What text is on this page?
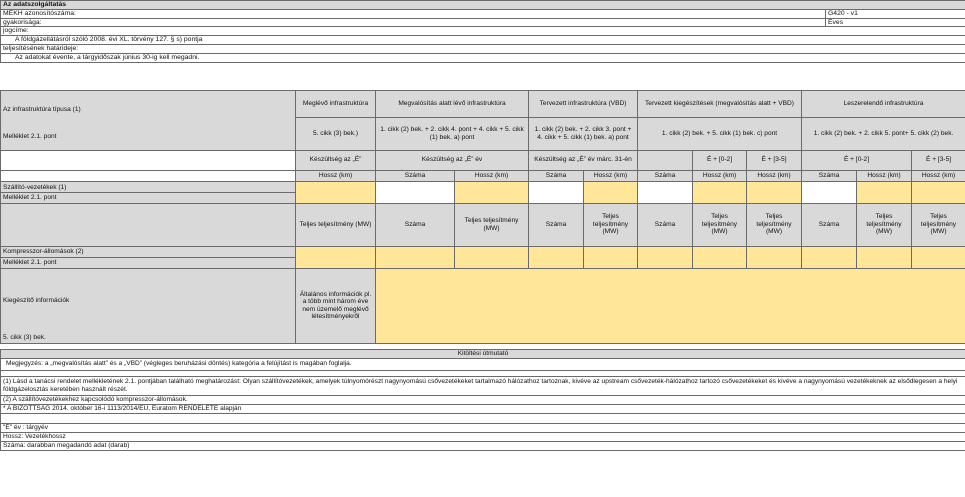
Az adatszolgáltatás	
MEKH azonosítószáma:	G420 - v1
gyakorisága:	Éves
jogcíme:	
A földgázellátásról szóló 2008. évi XL. törvény 127. § s) pontja	
teljesítésének határideje:	
Az adatokat évente, a tárgyidőszak június 30-ig kell megadni.	
Az infrastruktúra típusa (1)
Melléklet 2.1. pont	Meglévő infrastruktúra	Megvalósítás alatt lévő infrastruktúra		Tervezett infrastruktúra (VBD)		Tervezett kiegészítések (megvalósítás alatt + VBD)			Leszerelendő infrastruktúra		
	5. cikk (3) bek.)	1. cikk (2) bek. + 2. cikk 4. pont + 4. cikk + 5. cikk (1) bek. a) pont		1. cikk (2) bek. + 2. cikk 3. pont + 4. cikk + 5. cikk (1) bek. a) pont		1. cikk (2) bek. + 5. cikk (1) bek. c) pont			1. cikk (2) bek. + 2. cikk 5. pont+ 5. cikk (2) bek.		
	Készültség az „É”	Készültség az „É” év		Készültség az „É” év márc. 31-én			É + [0-2]	É + [3-5]	É + [0-2]		É + [3-5]
	Hossz (km)	Száma	Hossz (km)	Száma	Hossz (km)	Száma	Hossz (km)	Hossz (km)	Száma	Hossz (km)	Hossz (km)
Szállító-vezetékek (1)											
Melléklet 2.1. pont											
	Teljes teljesítmény (MW)	Száma	Teljes teljesítmény (MW)	Száma	Teljes teljesítmény (MW)	Száma	Teljes teljesítmény (MW)	Teljes teljesítmény (MW)	Száma	Teljes teljesítmény (MW)	Teljes teljesítmény (MW)
Kompresszor-állomások (2)											
Melléklet 2.1. pont											

Kiegészítő információk
5. cikk (3) bek.	Általános információk pl. a több mint három éve nem üzemelő meglévő létesítményekről										
Kitöltési útmutató
Megjegyzés: a „megvalósítás alatt” és a „VBD” (végleges beruházási döntés) kategória a felújítást is magában foglalja.

(1) Lásd a tanácsi rendelet mellékletének 2.1. pontjában található meghatározást: Olyan szállítóvezetékek, amelyek túlnyomórészt nagynyomású csővezetékeket tartalmazó hálózathoz tartoznak, kivéve az upstream csővezeték-hálózathoz tartozó csővezetékeket és kivéve a nagynyomású vezetékeknek az elsődlegesen a helyi földgázelosztás keretében használt részét.
(2) A szállítóvezetékekhez kapcsolódó kompresszor-állomások.
* A BIZOTTSÁG 2014. október 16-i 1113/2014/EU, Euratom RENDELETE alapján

"É" év : tárgyév
Hossz: Vezetékhossz
Száma: darabban megadandó adat (darab)
